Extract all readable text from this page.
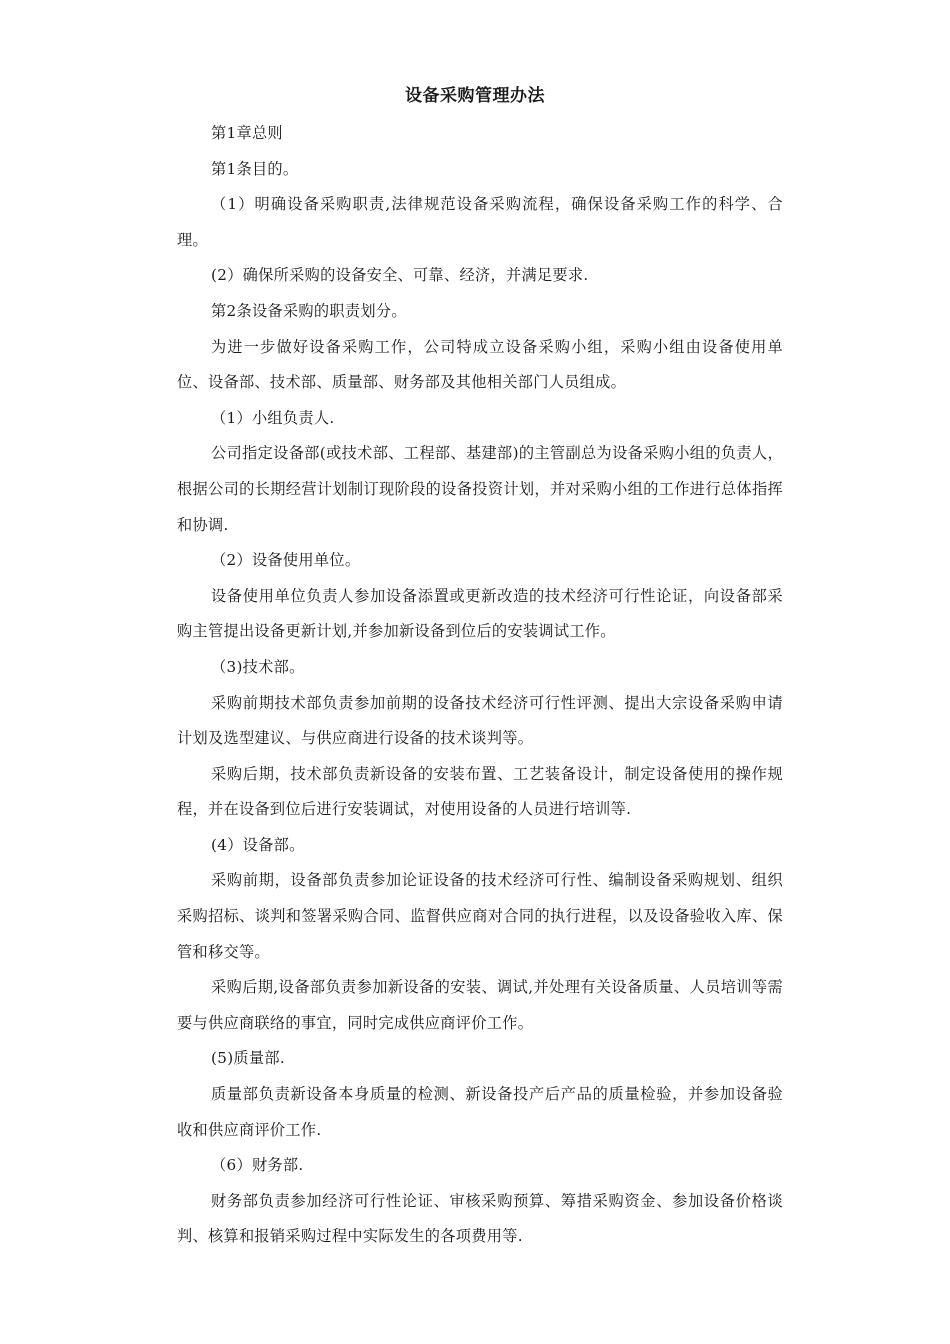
设备采购管理办法

第1章总则

第1条目的。

（1）明确设备采购职责,法律规范设备采购流程，确保设备采购工作的科学、合理。

(2）确保所采购的设备安全、可靠、经济，并满足要求.

第2条设备采购的职责划分。

为进一步做好设备采购工作，公司特成立设备采购小组，采购小组由设备使用单位、设备部、技术部、质量部、财务部及其他相关部门人员组成。

（1）小组负责人.

公司指定设备部(或技术部、工程部、基建部)的主管副总为设备采购小组的负责人，根据公司的长期经营计划制订现阶段的设备投资计划，并对采购小组的工作进行总体指挥和协调.

（2）设备使用单位。

设备使用单位负责人参加设备添置或更新改造的技术经济可行性论证，向设备部采购主管提出设备更新计划,并参加新设备到位后的安装调试工作。

（3)技术部。

采购前期技术部负责参加前期的设备技术经济可行性评测、提出大宗设备采购申请计划及选型建议、与供应商进行设备的技术谈判等。

采购后期，技术部负责新设备的安装布置、工艺装备设计，制定设备使用的操作规程，并在设备到位后进行安装调试，对使用设备的人员进行培训等.

(4）设备部。

采购前期，设备部负责参加论证设备的技术经济可行性、编制设备采购规划、组织采购招标、谈判和签署采购合同、监督供应商对合同的执行进程，以及设备验收入库、保管和移交等。

采购后期,设备部负责参加新设备的安装、调试,并处理有关设备质量、人员培训等需要与供应商联络的事宜，同时完成供应商评价工作。

(5)质量部.

质量部负责新设备本身质量的检测、新设备投产后产品的质量检验，并参加设备验收和供应商评价工作.

（6）财务部.

财务部负责参加经济可行性论证、审核采购预算、筹措采购资金、参加设备价格谈判、核算和报销采购过程中实际发生的各项费用等.
